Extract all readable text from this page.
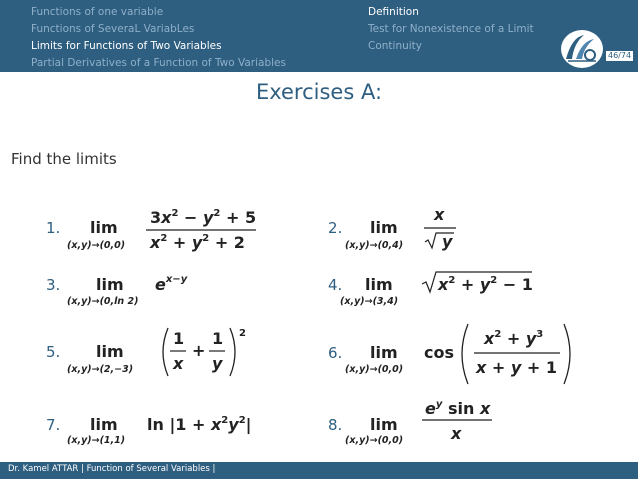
Functions of one variable
Functions of SeveraL VariabLes
Limits for Functions of Two Variables
Partial Derivatives of a Function of Two Variables
Definition
Test for Nonexistence of a Limit
Continuity
46/74
Exercises A:
Find the limits
1. lim
(x,y)→(0,0)
$3x^2 - y^2 + 5$
$x^2 + y^2 + 2$
2. lim
(x,y)→(0,4)
x
y
3. lim
(x,y)→(0,ln 2)
$e^{x-y}$	4. lim
(x,y)→(3,4)
$x^2 + y^2 - 1$
5. lim
(x,y)→(2,−3)
1
x
+
1
y
2
6. lim
(x,y)→(0,0)
cos
$x^2 + y^3$
x + y + 1
7. lim
(x,y)→(1,1)
$\ln |1 + x^2y^2|$	8. lim
(x,y)→(0,0)
$e^y$ sin x
x
Dr. Kamel ATTAR | Function of Several Variables |
